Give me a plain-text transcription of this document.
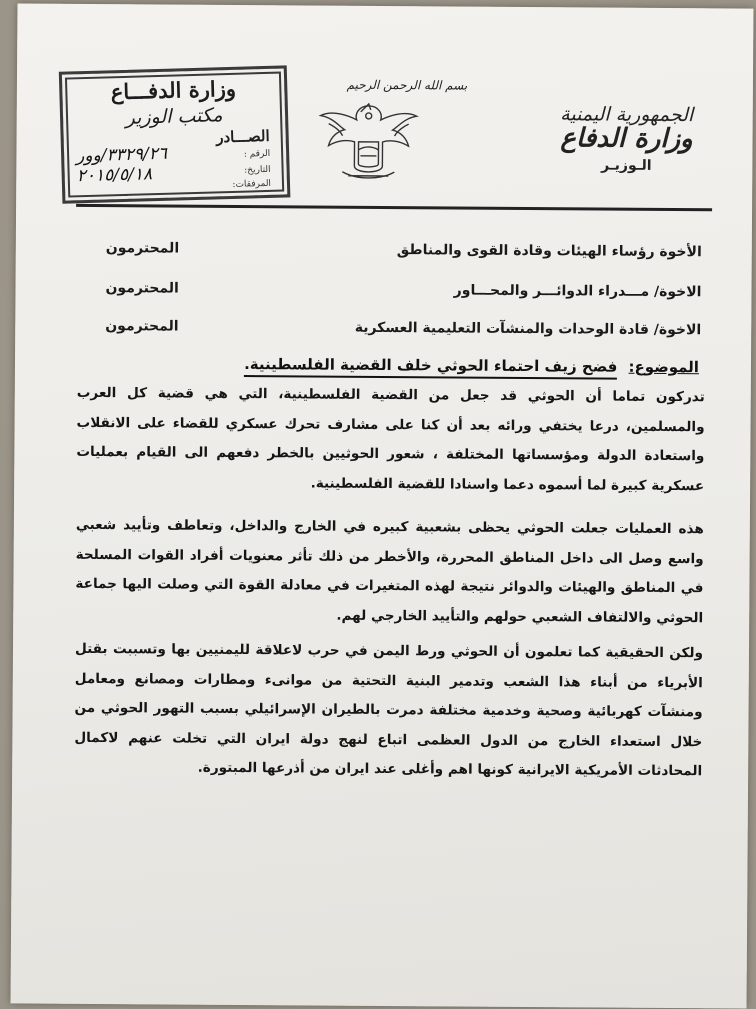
وزارة الدفـــاع
مكتب الوزير
الصـــادر
الرقم :
٣٣٢٩/٢٦/وور
التاريخ:
٢٠١٥/٥/١٨	المرفقات:
بسم الله الرحمن الرحيم
الجمهورية اليمنية
وزارة الدفاع
الـوزيـر
الأخوة رؤساء الهيئات وقادة القوى والمناطق
المحترمون
الاخوة/ مـــدراء الدوائـــر والمحـــاور
المحترمون
الاخوة/ قادة الوحدات والمنشآت التعليمية العسكرية
المحترمون
الموضوع: فضح زيف احتماء الحوثي خلف القضية الفلسطينية.

تدركون تماما أن الحوثي قد جعل من القضية الفلسطينية، التي هي قضية كل العرب والمسلمين، درعا يختفي ورائه بعد أن كنا على مشارف تحرك عسكري للقضاء على الانقلاب واستعادة الدولة ومؤسساتها المختلفة ، شعور الحوثيين بالخطر دفعهم الى القيام بعمليات عسكرية كبيرة لما أسموه دعما واسنادا للقضية الفلسطينية.

هذه العمليات جعلت الحوثي يحظى بشعبية كبيره في الخارج والداخل، وتعاطف وتأييد شعبي واسع وصل الى داخل المناطق المحررة، والأخطر من ذلك تأثر معنويات أفراد القوات المسلحة في المناطق والهيئات والدوائر نتيجة لهذه المتغيرات في معادلة القوة التي وصلت اليها جماعة الحوثي والالتفاف الشعبي حولهم والتأييد الخارجي لهم.

ولكن الحقيقية كما تعلمون أن الحوثي ورط اليمن في حرب لاعلاقة لليمنيين بها وتسببت بقتل الأبرياء من أبناء هذا الشعب وتدمير البنية التحتية من موانىء ومطارات ومصانع ومعامل ومنشآت كهربائية وصحية وخدمية مختلفة دمرت بالطيران الإسرائيلي بسبب التهور الحوثي من خلال استعداء الخارج من الدول العظمى اتباع لنهج دولة ايران التي تخلت عنهم لاكمال المحادثات الأمريكية الايرانية كونها اهم وأغلى عند ايران من أذرعها المبتورة.
